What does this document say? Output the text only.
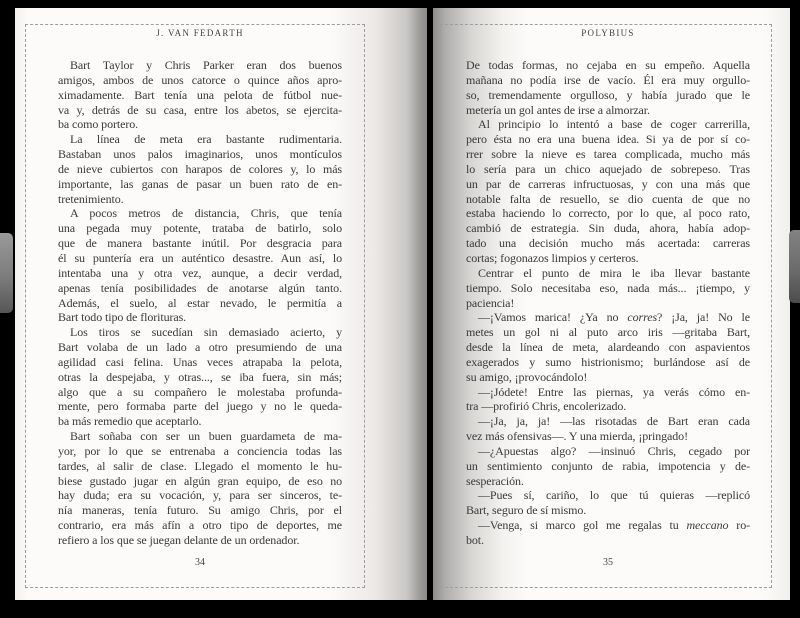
J. VAN FEDARTH
Bart Taylor y Chris Parker eran dos buenos
amigos, ambos de unos catorce o quince años apro-
ximadamente. Bart tenía una pelota de fútbol nue-
va y, detrás de su casa, entre los abetos, se ejercita-
ba como portero.
La línea de meta era bastante rudimentaria.
Bastaban unos palos imaginarios, unos montículos
de nieve cubiertos con harapos de colores y, lo más
importante, las ganas de pasar un buen rato de en-
tretenimiento.
A pocos metros de distancia, Chris, que tenía
una pegada muy potente, trataba de batirlo, solo
que de manera bastante inútil. Por desgracia para
él su puntería era un auténtico desastre. Aun así, lo
intentaba una y otra vez, aunque, a decir verdad,
apenas tenía posibilidades de anotarse algún tanto.
Además, el suelo, al estar nevado, le permitía a
Bart todo tipo de florituras.
Los tiros se sucedían sin demasiado acierto, y
Bart volaba de un lado a otro presumiendo de una
agilidad casi felina. Unas veces atrapaba la pelota,
otras la despejaba, y otras..., se iba fuera, sin más;
algo que a su compañero le molestaba profunda-
mente, pero formaba parte del juego y no le queda-
ba más remedio que aceptarlo.
Bart soñaba con ser un buen guardameta de ma-
yor, por lo que se entrenaba a conciencia todas las
tardes, al salir de clase. Llegado el momento le hu-
biese gustado jugar en algún gran equipo, de eso no
hay duda; era su vocación, y, para ser sinceros, te-
nía maneras, tenía futuro. Su amigo Chris, por el
contrario, era más afín a otro tipo de deportes, me
refiero a los que se juegan delante de un ordenador.
34
POLYBIUS
De todas formas, no cejaba en su empeño. Aquella
mañana no podía irse de vacío. Él era muy orgullo-
so, tremendamente orgulloso, y había jurado que le
metería un gol antes de irse a almorzar.
Al principio lo intentó a base de coger carrerilla,
pero ésta no era una buena idea. Si ya de por sí co-
rrer sobre la nieve es tarea complicada, mucho más
lo sería para un chico aquejado de sobrepeso. Tras
un par de carreras infructuosas, y con una más que
notable falta de resuello, se dio cuenta de que no
estaba haciendo lo correcto, por lo que, al poco rato,
cambió de estrategia. Sin duda, ahora, había adop-
tado una decisión mucho más acertada: carreras
cortas; fogonazos limpios y certeros.
Centrar el punto de mira le iba llevar bastante
tiempo. Solo necesitaba eso, nada más... ¡tiempo, y
paciencia!
—¡Vamos marica! ¿Ya no corres? ¡Ja, ja! No le
metes un gol ni al puto arco iris —gritaba Bart,
desde la línea de meta, alardeando con aspavientos
exagerados y sumo histrionismo; burlándose así de
su amigo, ¡provocándolo!
—¡Jódete! Entre las piernas, ya verás cómo en-
tra —profirió Chris, encolerizado.
—¡Ja, ja, ja! —las risotadas de Bart eran cada
vez más ofensivas—. Y una mierda, ¡pringado!
—¿Apuestas algo? —insinuó Chris, cegado por
un sentimiento conjunto de rabia, impotencia y de-
sesperación.
—Pues sí, cariño, lo que tú quieras —replicó
Bart, seguro de sí mismo.
—Venga, si marco gol me regalas tu meccano ro-
bot.
35
